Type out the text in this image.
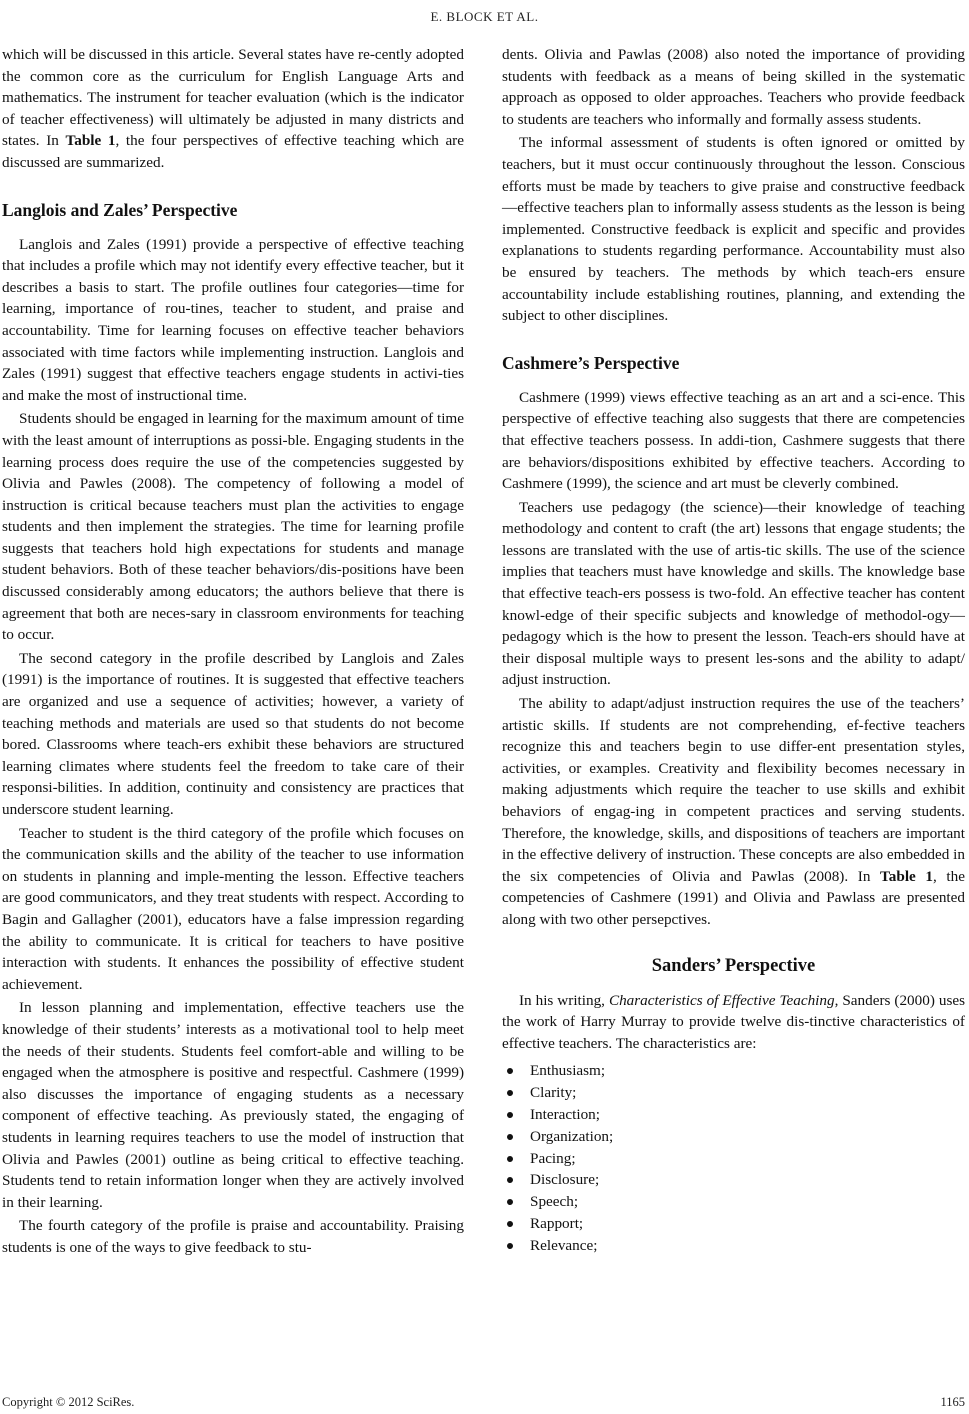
E. BLOCK ET AL.

which will be discussed in this article. Several states have re-cently adopted the common core as the curriculum for English Language Arts and mathematics. The instrument for teacher evaluation (which is the indicator of teacher effectiveness) will ultimately be adjusted in many districts and states. In Table 1, the four perspectives of effective teaching which are discussed are summarized.

Langlois and Zales’ Perspective

Langlois and Zales (1991) provide a perspective of effective teaching that includes a profile which may not identify every effective teacher, but it describes a basis to start. The profile outlines four categories—time for learning, importance of rou-tines, teacher to student, and praise and accountability. Time for learning focuses on effective teacher behaviors associated with time factors while implementing instruction. Langlois and Zales (1991) suggest that effective teachers engage students in activi-ties and make the most of instructional time.

Students should be engaged in learning for the maximum amount of time with the least amount of interruptions as possi-ble. Engaging students in the learning process does require the use of the competencies suggested by Olivia and Pawles (2008). The competency of following a model of instruction is critical because teachers must plan the activities to engage students and then implement the strategies. The time for learning profile suggests that teachers hold high expectations for students and manage student behaviors. Both of these teacher behaviors/dis-positions have been discussed considerably among educators; the authors believe that there is agreement that both are neces-sary in classroom environments for teaching to occur.

The second category in the profile described by Langlois and Zales (1991) is the importance of routines. It is suggested that effective teachers are organized and use a sequence of activities; however, a variety of teaching methods and materials are used so that students do not become bored. Classrooms where teach-ers exhibit these behaviors are structured learning climates where students feel the freedom to take care of their responsi-bilities. In addition, continuity and consistency are practices that underscore student learning.

Teacher to student is the third category of the profile which focuses on the communication skills and the ability of the teacher to use information on students in planning and imple-menting the lesson. Effective teachers are good communicators, and they treat students with respect. According to Bagin and Gallagher (2001), educators have a false impression regarding the ability to communicate. It is critical for teachers to have positive interaction with students. It enhances the possibility of effective student achievement.

In lesson planning and implementation, effective teachers use the knowledge of their students’ interests as a motivational tool to help meet the needs of their students. Students feel comfort-able and willing to be engaged when the atmosphere is positive and respectful. Cashmere (1999) also discusses the importance of engaging students as a necessary component of effective teaching. As previously stated, the engaging of students in learning requires teachers to use the model of instruction that Olivia and Pawles (2001) outline as being critical to effective teaching. Students tend to retain information longer when they are actively involved in their learning.

The fourth category of the profile is praise and accountability. Praising students is one of the ways to give feedback to stu-

dents. Olivia and Pawlas (2008) also noted the importance of providing students with feedback as a means of being skilled in the systematic approach as opposed to older approaches. Teachers who provide feedback to students are teachers who informally and formally assess students.

The informal assessment of students is often ignored or omitted by teachers, but it must occur continuously throughout the lesson. Conscious efforts must be made by teachers to give praise and constructive feedback—effective teachers plan to informally assess students as the lesson is being implemented. Constructive feedback is explicit and specific and provides explanations to students regarding performance. Accountability must also be ensured by teachers. The methods by which teach-ers ensure accountability include establishing routines, planning, and extending the subject to other disciplines.

Cashmere’s Perspective

Cashmere (1999) views effective teaching as an art and a sci-ence. This perspective of effective teaching also suggests that there are competencies that effective teachers possess. In addi-tion, Cashmere suggests that there are behaviors/dispositions exhibited by effective teachers. According to Cashmere (1999), the science and art must be cleverly combined.

Teachers use pedagogy (the science)—their knowledge of teaching methodology and content to craft (the art) lessons that engage students; the lessons are translated with the use of artis-tic skills. The use of the science implies that teachers must have knowledge and skills. The knowledge base that effective teach-ers possess is two-fold. An effective teacher has content knowl-edge of their specific subjects and knowledge of methodol-ogy—pedagogy which is the how to present the lesson. Teach-ers should have at their disposal multiple ways to present les-sons and the ability to adapt/ adjust instruction.

The ability to adapt/adjust instruction requires the use of the teachers’ artistic skills. If students are not comprehending, ef-fective teachers recognize this and teachers begin to use differ-ent presentation styles, activities, or examples. Creativity and flexibility becomes necessary in making adjustments which require the teacher to use skills and exhibit behaviors of engag-ing in competent practices and serving students. Therefore, the knowledge, skills, and dispositions of teachers are important in the effective delivery of instruction. These concepts are also embedded in the six competencies of Olivia and Pawlas (2008). In Table 1, the competencies of Cashmere (1991) and Olivia and Pawlass are presented along with two other persepctives.

Sanders’ Perspective

In his writing, Characteristics of Effective Teaching, Sanders (2000) uses the work of Harry Murray to provide twelve dis-tinctive characteristics of effective teachers. The characteristics are:

Enthusiasm;
Clarity;
Interaction;
Organization;
Pacing;
Disclosure;
Speech;
Rapport;
Relevance;
Copyright © 2012 SciRes.	1165
